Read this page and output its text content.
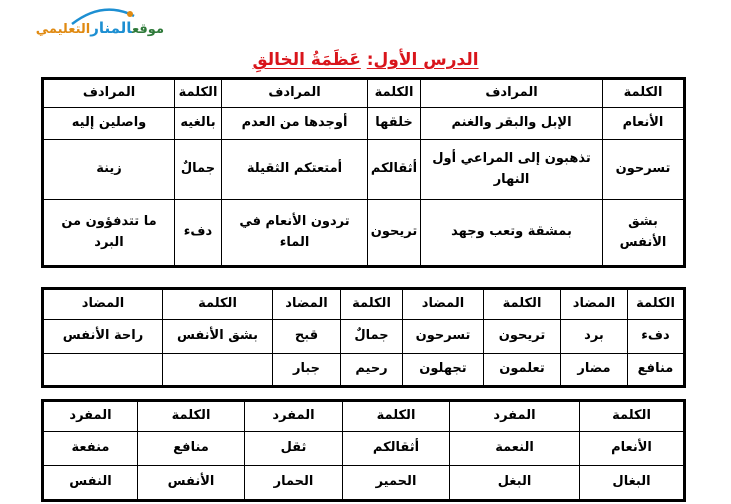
موقعالمنارالتعليمي
الدرس الأول: عَظَمَةُ الخالقِ
الكلمة	المرادف	الكلمة	المرادف	الكلمة	المرادف
الأنعام	الإبل والبقر والغنم	خلقها	أوجدها من العدم	بالغيه	واصلين إليه
تسرحون	تذهبون إلى المراعي أول النهار	أثقالكم	أمتعتكم الثقيلة	جمالٌ	زينة
بشق الأنفس	بمشقة وتعب وجهد	تريحون	تردون الأنعام في الماء	دفء	ما تتدفؤون من البرد
الكلمة	المضاد	الكلمة	المضاد	الكلمة	المضاد	الكلمة	المضاد
دفء	برد	تريحون	تسرحون	جمالٌ	قبح	بشق الأنفس	راحة الأنفس
منافع	مضار	تعلمون	تجهلون	رحيم	جبار		
الكلمة	المفرد	الكلمة	المفرد	الكلمة	المفرد
الأنعام	النعمة	أثقالكم	ثقل	منافع	منفعة
البغال	البغل	الحمير	الحمار	الأنفس	النفس
